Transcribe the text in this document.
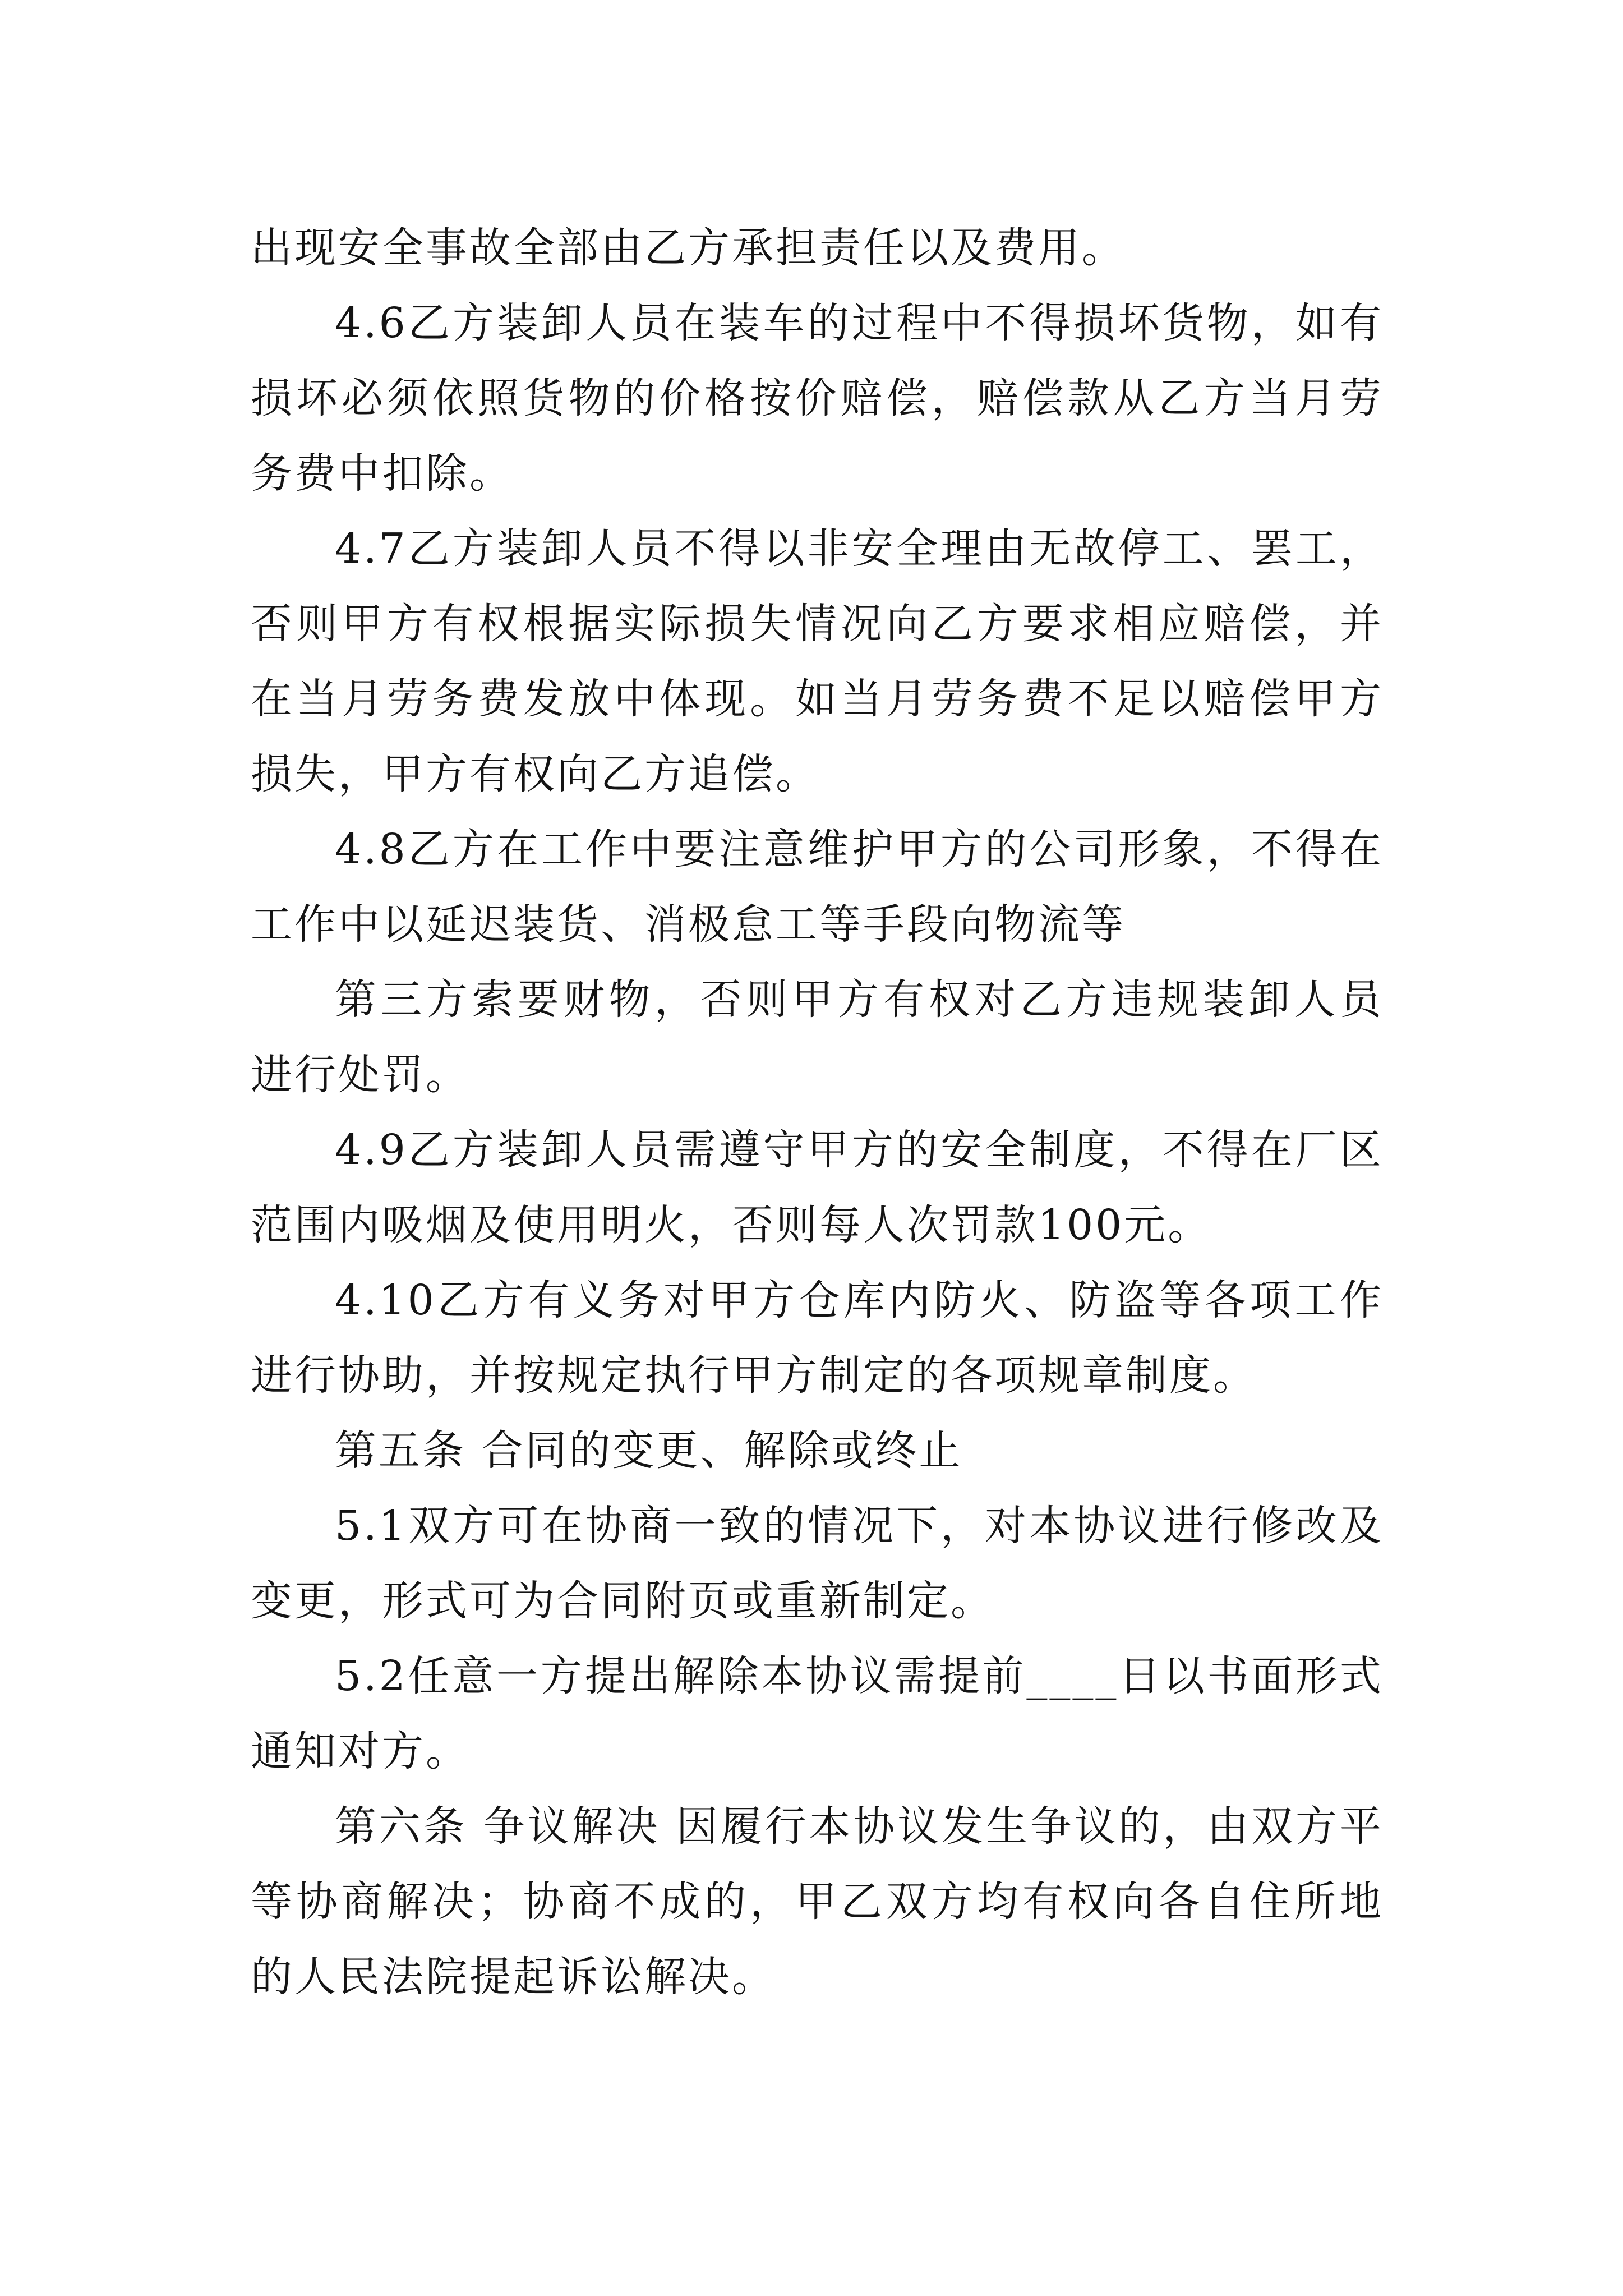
出现安全事故全部由乙方承担责任以及费用。

4.6乙方装卸人员在装车的过程中不得损坏货物，如有损坏必须依照货物的价格按价赔偿，赔偿款从乙方当月劳务费中扣除。

4.7乙方装卸人员不得以非安全理由无故停工、罢工，否则甲方有权根据实际损失情况向乙方要求相应赔偿，并在当月劳务费发放中体现。如当月劳务费不足以赔偿甲方损失，甲方有权向乙方追偿。

4.8乙方在工作中要注意维护甲方的公司形象，不得在工作中以延迟装货、消极怠工等手段向物流等

第三方索要财物，否则甲方有权对乙方违规装卸人员进行处罚。

4.9乙方装卸人员需遵守甲方的安全制度，不得在厂区范围内吸烟及使用明火，否则每人次罚款100元。

4.10乙方有义务对甲方仓库内防火、防盗等各项工作进行协助，并按规定执行甲方制定的各项规章制度。

第五条 合同的变更、解除或终止

5.1双方可在协商一致的情况下，对本协议进行修改及变更，形式可为合同附页或重新制定。

5.2任意一方提出解除本协议需提前____日以书面形式通知对方。

第六条 争议解决 因履行本协议发生争议的，由双方平等协商解决；协商不成的，甲乙双方均有权向各自住所地的人民法院提起诉讼解决。
